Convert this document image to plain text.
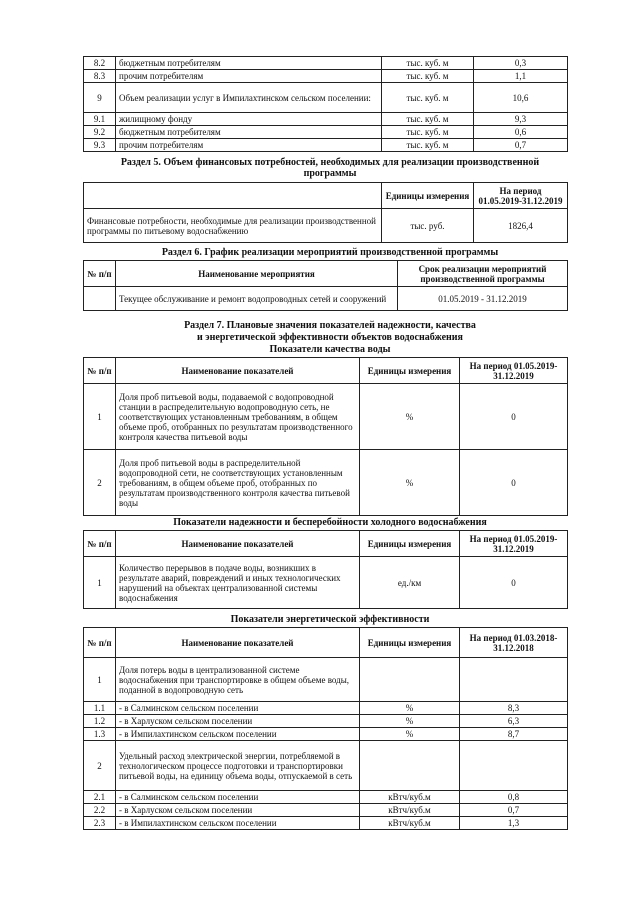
8.2	бюджетным потребителям	тыс. куб. м	0,3
8.3	прочим потребителям	тыс. куб. м	1,1
9	Объем реализации услуг в Импилахтинском сельском поселении:	тыс. куб. м	10,6
9.1	жилищному фонду	тыс. куб. м	9,3
9.2	бюджетным потребителям	тыс. куб. м	0,6
9.3	прочим потребителям	тыс. куб. м	0,7
Раздел 5. Объем финансовых потребностей, необходимых для реализации производственной программы
	Единицы измерения	На период 01.05.2019-31.12.2019
Финансовые потребности, необходимые для реализации производственной программы по питьевому водоснабжению	тыс. руб.	1826,4
Раздел 6. График реализации мероприятий производственной программы
№ п/п	Наименование мероприятия	Срок реализации мероприятий производственной программы
	Текущее обслуживание и ремонт водопроводных сетей и сооружений	01.05.2019 - 31.12.2019
Раздел 7. Плановые значения показателей надежности, качества
и энергетической эффективности объектов водоснабжения
Показатели качества воды
№ п/п	Наименование показателей	Единицы измерения	На период 01.05.2019-31.12.2019
1	Доля проб питьевой воды, подаваемой с водопроводной станции в распределительную водопроводную сеть, не соответствующих установленным требованиям, в общем объеме проб, отобранных по результатам производственного контроля качества питьевой воды	%	0
2	Доля проб питьевой воды в распределительной водопроводной сети, не соответствующих установленным требованиям, в общем объеме проб, отобранных по результатам производственного контроля качества питьевой воды	%	0
Показатели надежности и бесперебойности холодного водоснабжения
№ п/п	Наименование показателей	Единицы измерения	На период 01.05.2019-31.12.2019
1	Количество перерывов в подаче воды, возникших в результате аварий, повреждений и иных технологических нарушений на объектах централизованной системы водоснабжения	ед./км	0
Показатели энергетической эффективности
№ п/п	Наименование показателей	Единицы измерения	На период 01.03.2018-31.12.2018
1	Доля потерь воды в централизованной системе водоснабжения при транспортировке в общем объеме воды, поданной в водопроводную сеть		
1.1	- в Салминском сельском поселении	%	8,3
1.2	- в Харлуском сельском поселении	%	6,3
1.3	- в Импилахтинском сельском поселении	%	8,7
2	Удельный расход электрической энергии, потребляемой в технологическом процессе подготовки и транспортировки питьевой воды, на единицу объема воды, отпускаемой в сеть		
2.1	- в Салминском сельском поселении	кВтч/куб.м	0,8
2.2	- в Харлуском сельском поселении	кВтч/куб.м	0,7
2.3	- в Импилахтинском сельском поселении	кВтч/куб.м	1,3
